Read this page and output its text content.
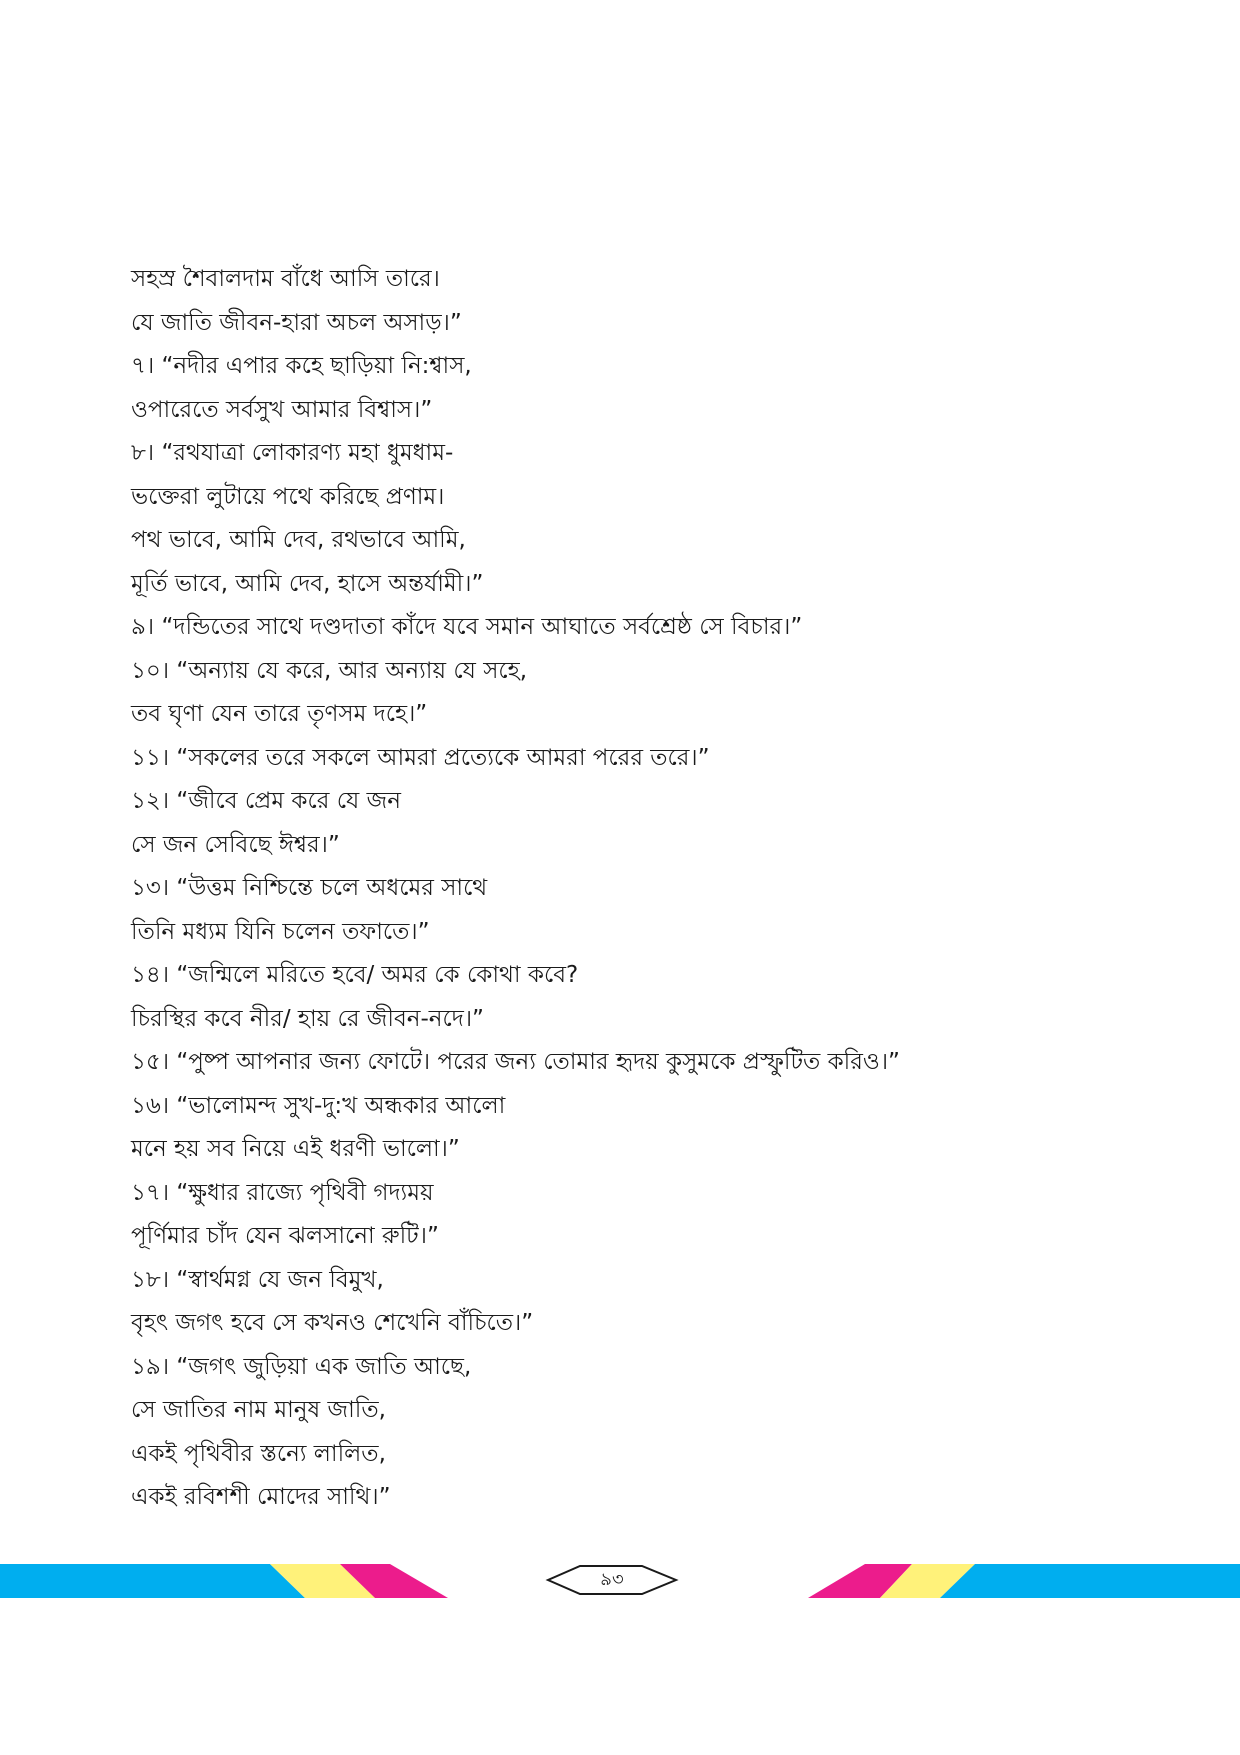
সহস্র শৈবালদাম বাঁধে আসি তারে।
যে জাতি জীবন-হারা অচল অসাড়।”
৭। “নদীর এপার কহে ছাড়িয়া নি:শ্বাস,
ওপারেতে সর্বসুখ আমার বিশ্বাস।”
৮। “রথযাত্রা লোকারণ্য মহা ধুমধাম-
ভক্তেরা লুটায়ে পথে করিছে প্রণাম।
পথ ভাবে, আমি দেব, রথভাবে আমি,
মূর্তি ভাবে, আমি দেব, হাসে অন্তর্যামী।”
৯। “দন্ডিতের সাথে দণ্ডদাতা কাঁদে যবে সমান আঘাতে সর্বশ্রেষ্ঠ সে বিচার।”
১০। “অন্যায় যে করে, আর অন্যায় যে সহে,
তব ঘৃণা যেন তারে তৃণসম দহে।”
১১। “সকলের তরে সকলে আমরা প্রত্যেকে আমরা পরের তরে।”
১২। “জীবে প্রেম করে যে জন
সে জন সেবিছে ঈশ্বর।”
১৩। “উত্তম নিশ্চিন্তে চলে অধমের সাথে
তিনি মধ্যম যিনি চলেন তফাতে।”
১৪। “জন্মিলে মরিতে হবে/ অমর কে কোথা কবে?
চিরস্থির কবে নীর/ হায় রে জীবন-নদে।”
১৫। “পুষ্প আপনার জন্য ফোটে। পরের জন্য তোমার হৃদয় কুসুমকে প্রস্ফুটিত করিও।”
১৬। “ভালোমন্দ সুখ-দু:খ অন্ধকার আলো
মনে হয় সব নিয়ে এই ধরণী ভালো।”
১৭। “ক্ষুধার রাজ্যে পৃথিবী গদ্যময়
পূর্ণিমার চাঁদ যেন ঝলসানো রুটি।”
১৮। “স্বার্থমগ্ন যে জন বিমুখ,
বৃহৎ জগৎ হবে সে কখনও শেখেনি বাঁচিতে।”
১৯। “জগৎ জুড়িয়া এক জাতি আছে,
সে জাতির নাম মানুষ জাতি,
একই পৃথিবীর স্তন্যে লালিত,
একই রবিশশী মোদের সাথি।”
৯৩
